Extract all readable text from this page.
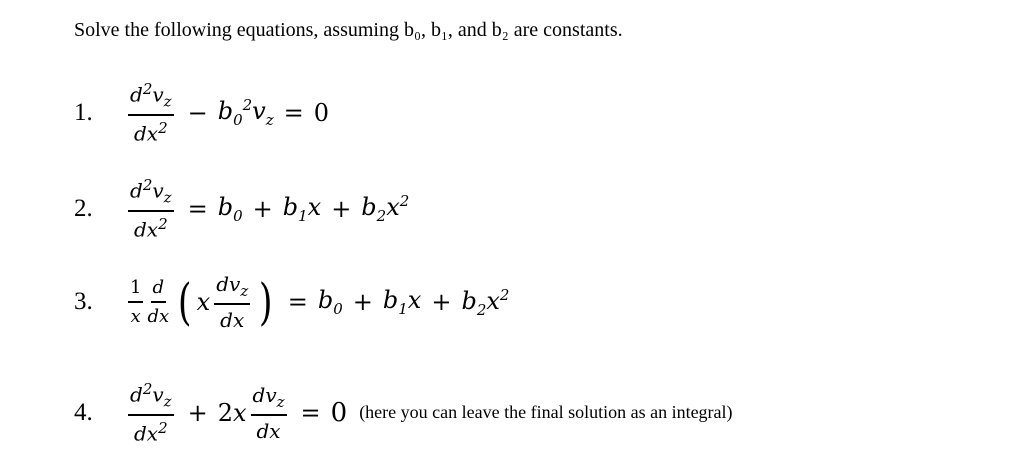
Solve the following equations, assuming b₀, b₁, and b₂ are constants.
1.	$\frac{d^2v_z}{dx^2} - b_0^2v_z = 0$
2.	$\frac{d^2v_z}{dx^2} = b_0 + b_1x + b_2x^2$
3.	$\frac{1}{x} \frac{d}{dx}$ ( x $\frac{dv_z}{dx}$ ) = $b_0 + b_1x + b_2x^2$
4.	$\frac{d^2v_z}{dx^2} + 2x \frac{dv_z}{dx} = 0$ (here you can leave the final solution as an integral)
